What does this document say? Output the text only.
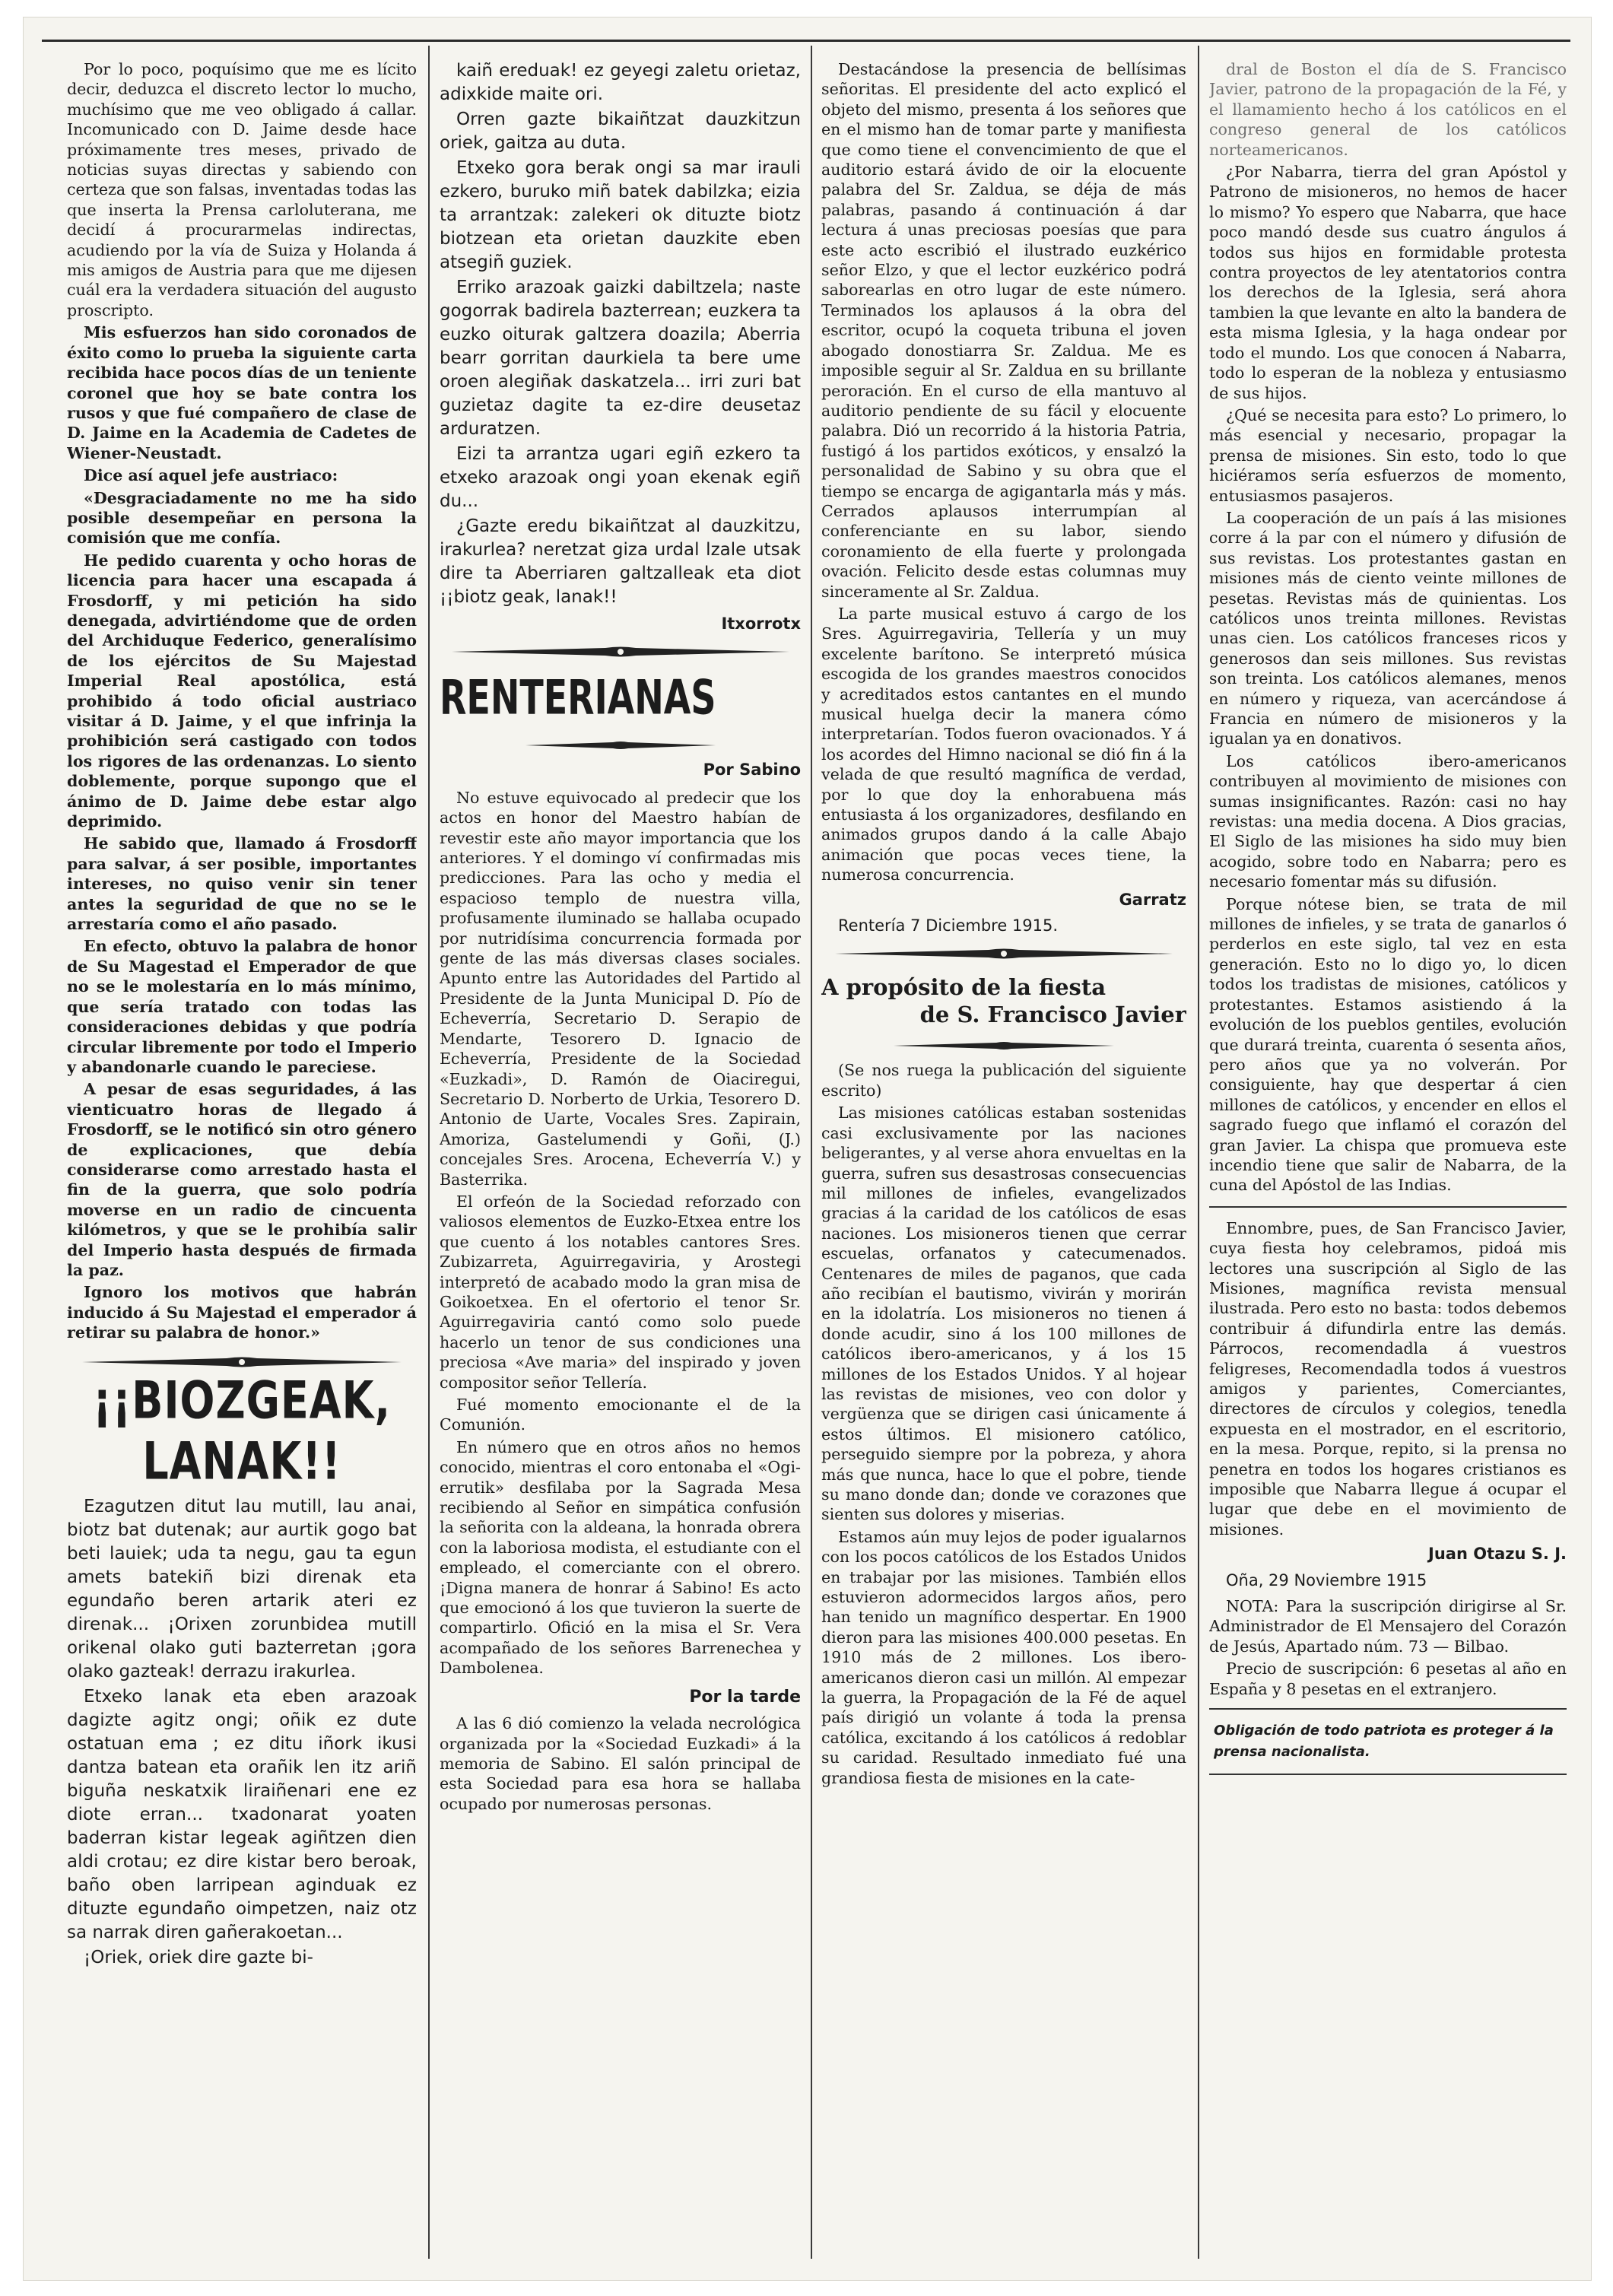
Por lo poco, poquísimo que me es lícito decir, deduzca el discreto lector lo mucho, muchísimo que me veo obligado á callar. Incomunicado con D. Jaime desde hace próximamente tres meses, privado de noticias suyas directas y sabiendo con certeza que son falsas, inventadas todas las que inserta la Prensa carloluterana, me decidí á procurarmelas indirectas, acudiendo por la vía de Suiza y Holanda á mis amigos de Austria para que me dijesen cuál era la verdadera situación del augusto proscripto.

Mis esfuerzos han sido coronados de éxito como lo prueba la siguiente carta recibida hace pocos días de un teniente coronel que hoy se bate contra los rusos y que fué compañero de clase de D. Jaime en la Academia de Cadetes de Wiener-Neustadt.

Dice así aquel jefe austriaco:

«Desgraciadamente no me ha sido posible desempeñar en persona la comisión que me confía.

He pedido cuarenta y ocho horas de licencia para hacer una escapada á Frosdorff, y mi petición ha sido denegada, advirtiéndome que de orden del Archiduque Federico, generalísimo de los ejércitos de Su Majestad Imperial Real apostólica, está prohibido á todo oficial austriaco visitar á D. Jaime, y el que infrinja la prohibición será castigado con todos los rigores de las ordenanzas. Lo siento doblemente, porque supongo que el ánimo de D. Jaime debe estar algo deprimido.

He sabido que, llamado á Frosdorff para salvar, á ser posible, importantes intereses, no quiso venir sin tener antes la seguridad de que no se le arrestaría como el año pasado.

En efecto, obtuvo la palabra de honor de Su Magestad el Emperador de que no se le molestaría en lo más mínimo, que sería tratado con todas las consideraciones debidas y que podría circular libremente por todo el Imperio y abandonarle cuando le pareciese.

A pesar de esas seguridades, á las vienticuatro horas de llegado á Frosdorff, se le notificó sin otro género de explicaciones, que debía considerarse como arrestado hasta el fin de la guerra, que solo podría moverse en un radio de cincuenta kilómetros, y que se le prohibía salir del Imperio hasta después de firmada la paz.

Ignoro los motivos que habrán inducido á Su Majestad el emperador á retirar su palabra de honor.»

¡¡BIOZGEAK, LANAK!!

Ezagutzen ditut lau mutill, lau anai, biotz bat dutenak; aur aurtik gogo bat beti lauiek; uda ta negu, gau ta egun amets batekiñ bizi direnak eta egundaño beren artarik ateri ez direnak... ¡Orixen zorunbidea mutill orikenal olako guti bazterretan ¡gora olako gazteak! derrazu irakurlea.

Etxeko lanak eta eben arazoak dagizte agitz ongi; oñik ez dute ostatuan ema ; ez ditu iñork ikusi dantza batean eta orañik len itz ariñ biguña neskatxik liraiñenari ene ez diote erran... txadonarat yoaten baderran kistar legeak agiñtzen dien aldi crotau; ez dire kistar bero beroak, baño oben larripean aginduak ez dituzte egundaño oimpetzen, naiz otz sa narrak diren gañerakoetan...

¡Oriek, oriek dire gazte bi-

kaiñ ereduak! ez geyegi zaletu orietaz, adixkide maite ori.

Orren gazte bikaiñtzat dauzkitzun oriek, gaitza au duta.

Etxeko gora berak ongi sa mar irauli ezkero, buruko miñ batek dabilzka; eizia ta arrantzak: zalekeri ok dituzte biotz biotzean eta orietan dauzkite eben atsegiñ guziek.

Erriko arazoak gaizki dabiltzela; naste gogorrak badirela bazterrean; euzkera ta euzko oiturak galtzera doazila; Aberria bearr gorritan daurkiela ta bere ume oroen alegiñak daskatzela... irri zuri bat guzietaz dagite ta ez-dire deusetaz arduratzen.

Eizi ta arrantza ugari egiñ ezkero ta etxeko arazoak ongi yoan ekenak egiñ du...

¿Gazte eredu bikaiñtzat al dauzkitzu, irakurlea? neretzat giza urdal lzale utsak dire ta Aberriaren galtzalleak eta diot ¡¡biotz geak, lanak!!

Itxorrotx
RENTERIANAS
Por Sabino

No estuve equivocado al predecir que los actos en honor del Maestro habían de revestir este año mayor importancia que los anteriores. Y el domingo ví confirmadas mis predicciones. Para las ocho y media el espacioso templo de nuestra villa, profusamente iluminado se hallaba ocupado por nutridísima concurrencia formada por gente de las más diversas clases sociales. Apunto entre las Autoridades del Partido al Presidente de la Junta Municipal D. Pío de Echeverría, Secretario D. Serapio de Mendarte, Tesorero D. Ignacio de Echeverría, Presidente de la Sociedad «Euzkadi», D. Ramón de Oiaciregui, Secretario D. Norberto de Urkia, Tesorero D. Antonio de Uarte, Vocales Sres. Zapirain, Amoriza, Gastelumendi y Goñi, (J.) concejales Sres. Arocena, Echeverría V.) y Basterrika.

El orfeón de la Sociedad reforzado con valiosos elementos de Euzko-Etxea entre los que cuento á los notables cantores Sres. Zubizarreta, Aguirregaviria, y Arostegi interpretó de acabado modo la gran misa de Goikoetxea. En el ofertorio el tenor Sr. Aguirregaviria cantó como solo puede hacerlo un tenor de sus condiciones una preciosa «Ave maria» del inspirado y joven compositor señor Tellería.

Fué momento emocionante el de la Comunión.

En número que en otros años no hemos conocido, mientras el coro entonaba el «Ogi-errutik» desfilaba por la Sagrada Mesa recibiendo al Señor en simpática confusión la señorita con la aldeana, la honrada obrera con la laboriosa modista, el estudiante con el empleado, el comerciante con el obrero. ¡Digna manera de honrar á Sabino! Es acto que emocionó á los que tuvieron la suerte de compartirlo. Ofició en la misa el Sr. Vera acompañado de los señores Barrenechea y Dambolenea.

Por la tarde

A las 6 dió comienzo la velada necrológica organizada por la «Sociedad Euzkadi» á la memoria de Sabino. El salón principal de esta Sociedad para esa hora se hallaba ocupado por numerosas personas.

Destacándose la presencia de bellísimas señoritas. El presidente del acto explicó el objeto del mismo, presenta á los señores que en el mismo han de tomar parte y manifiesta que como tiene el convencimiento de que el auditorio estará ávido de oir la elocuente palabra del Sr. Zaldua, se déja de más palabras, pasando á continuación á dar lectura á unas preciosas poesías que para este acto escribió el ilustrado euzkérico señor Elzo, y que el lector euzkérico podrá saborearlas en otro lugar de este número. Terminados los aplausos á la obra del escritor, ocupó la coqueta tribuna el joven abogado donostiarra Sr. Zaldua. Me es imposible seguir al Sr. Zaldua en su brillante peroración. En el curso de ella mantuvo al auditorio pendiente de su fácil y elocuente palabra. Dió un recorrido á la historia Patria, fustigó á los partidos exóticos, y ensalzó la personalidad de Sabino y su obra que el tiempo se encarga de agigantarla más y más. Cerrados aplausos interrumpían al conferenciante en su labor, siendo coronamiento de ella fuerte y prolongada ovación. Felicito desde estas columnas muy sinceramente al Sr. Zaldua.

La parte musical estuvo á cargo de los Sres. Aguirregaviria, Tellería y un muy excelente barítono. Se interpretó música escogida de los grandes maestros conocidos y acreditados estos cantantes en el mundo musical huelga decir la manera cómo interpretarían. Todos fueron ovacionados. Y á los acordes del Himno nacional se dió fin á la velada de que resultó magnífica de verdad, por lo que doy la enhorabuena más entusiasta á los organizadores, desfilando en animados grupos dando á la calle Abajo animación que pocas veces tiene, la numerosa concurrencia.

Garratz
Rentería 7 Diciembre 1915.
A propósito de la fiesta
de S. Francisco Javier

(Se nos ruega la publicación del siguiente escrito)

Las misiones católicas estaban sostenidas casi exclusivamente por las naciones beligerantes, y al verse ahora envueltas en la guerra, sufren sus desastrosas consecuencias mil millones de infieles, evangelizados gracias á la caridad de los católicos de esas naciones. Los misioneros tienen que cerrar escuelas, orfanatos y catecumenados. Centenares de miles de paganos, que cada año recibían el bautismo, vivirán y morirán en la idolatría. Los misioneros no tienen á donde acudir, sino á los 100 millones de católicos ibero-americanos, y á los 15 millones de los Estados Unidos. Y al hojear las revistas de misiones, veo con dolor y vergüenza que se dirigen casi únicamente á estos últimos. El misionero católico, perseguido siempre por la pobreza, y ahora más que nunca, hace lo que el pobre, tiende su mano donde dan; donde ve corazones que sienten sus dolores y miserias.

Estamos aún muy lejos de poder igualarnos con los pocos católicos de los Estados Unidos en trabajar por las misiones. También ellos estuvieron adormecidos largos años, pero han tenido un magnífico despertar. En 1900 dieron para las misiones 400.000 pesetas. En 1910 más de 2 millones. Los ibero-americanos dieron casi un millón. Al empezar la guerra, la Propagación de la Fé de aquel país dirigió un volante á toda la prensa católica, excitando á los católicos á redoblar su caridad. Resultado inmediato fué una grandiosa fiesta de misiones en la cate-

dral de Boston el día de S. Francisco Javier, patrono de la propagación de la Fé, y el llamamiento hecho á los católicos en el congreso general de los católicos norteamericanos.

¿Por Nabarra, tierra del gran Apóstol y Patrono de misioneros, no hemos de hacer lo mismo? Yo espero que Nabarra, que hace poco mandó desde sus cuatro ángulos á todos sus hijos en formidable protesta contra proyectos de ley atentatorios contra los derechos de la Iglesia, será ahora tambien la que levante en alto la bandera de esta misma Iglesia, y la haga ondear por todo el mundo. Los que conocen á Nabarra, todo lo esperan de la nobleza y entusiasmo de sus hijos.

¿Qué se necesita para esto? Lo primero, lo más esencial y necesario, propagar la prensa de misiones. Sin esto, todo lo que hiciéramos sería esfuerzos de momento, entusiasmos pasajeros.

La cooperación de un país á las misiones corre á la par con el número y difusión de sus revistas. Los protestantes gastan en misiones más de ciento veinte millones de pesetas. Revistas más de quinientas. Los católicos unos treinta millones. Revistas unas cien. Los católicos franceses ricos y generosos dan seis millones. Sus revistas son treinta. Los católicos alemanes, menos en número y riqueza, van acercándose á Francia en número de misioneros y la igualan ya en donativos.

Los católicos ibero-americanos contribuyen al movimiento de misiones con sumas insignificantes. Razón: casi no hay revistas: una media docena. A Dios gracias, El Siglo de las misiones ha sido muy bien acogido, sobre todo en Nabarra; pero es necesario fomentar más su difusión.

Porque nótese bien, se trata de mil millones de infieles, y se trata de ganarlos ó perderlos en este siglo, tal vez en esta generación. Esto no lo digo yo, lo dicen todos los tradistas de misiones, católicos y protestantes. Estamos asistiendo á la evolución de los pueblos gentiles, evolución que durará treinta, cuarenta ó sesenta años, pero años que ya no volverán. Por consiguiente, hay que despertar á cien millones de católicos, y encender en ellos el sagrado fuego que inflamó el corazón del gran Javier. La chispa que promueva este incendio tiene que salir de Nabarra, de la cuna del Apóstol de las Indias.

Ennombre, pues, de San Francisco Javier, cuya fiesta hoy celebramos, pidoá mis lectores una suscripción al Siglo de las Misiones, magnífica revista mensual ilustrada. Pero esto no basta: todos debemos contribuir á difundirla entre las demás. Párrocos, recomendadla á vuestros feligreses, Recomendadla todos á vuestros amigos y parientes, Comerciantes, directores de círculos y colegios, tenedla expuesta en el mostrador, en el escritorio, en la mesa. Porque, repito, si la prensa no penetra en todos los hogares cristianos es imposible que Nabarra llegue á ocupar el lugar que debe en el movimiento de misiones.

Juan Otazu S. J.
Oña, 29 Noviembre 1915

NOTA: Para la suscripción dirigirse al Sr. Administrador de El Mensajero del Corazón de Jesús, Apartado núm. 73 — Bilbao.

Precio de suscripción: 6 pesetas al año en España y 8 pesetas en el extranjero.

Obligación de todo patriota es proteger á la prensa nacionalista.
